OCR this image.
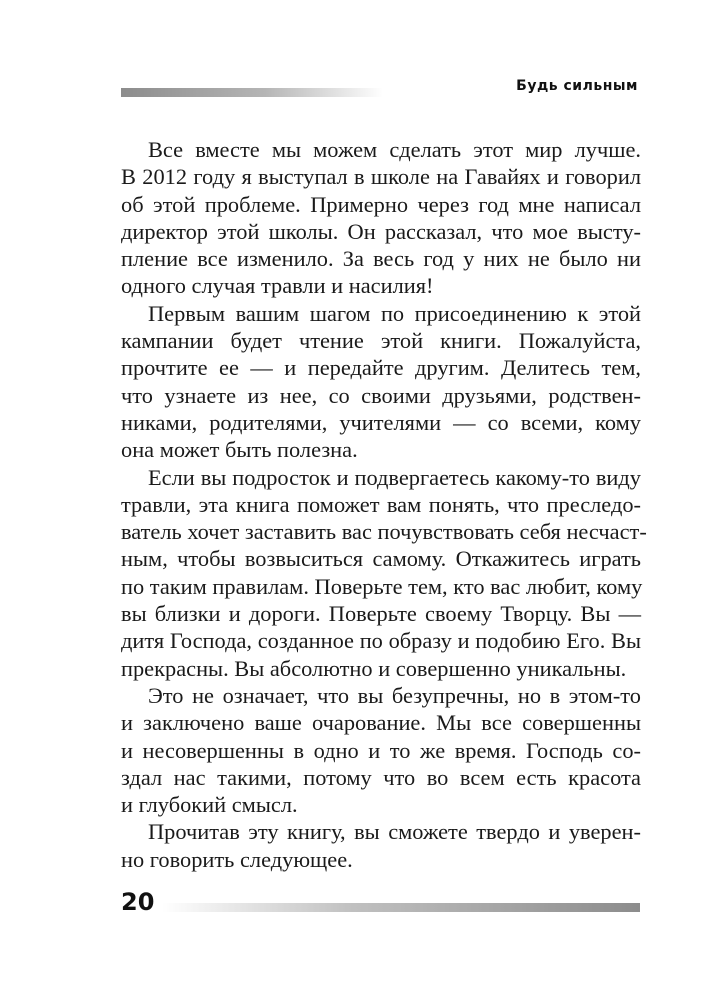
Будь сильным

Все вместе мы можем сделать этот мир лучше.
В 2012 году я выступал в школе на Гавайях и говорил
об этой проблеме. Примерно через год мне написал
директор этой школы. Он рассказал, что мое высту-
пление все изменило. За весь год у них не было ни
одного случая травли и насилия!

Первым вашим шагом по присоединению к этой
кампании будет чтение этой книги. Пожалуйста,
прочтите ее — и передайте другим. Делитесь тем,
что узнаете из нее, со своими друзьями, родствен-
никами, родителями, учителями — со всеми, кому
она может быть полезна.

Если вы подросток и подвергаетесь какому-то виду
травли, эта книга поможет вам понять, что преследо-
ватель хочет заставить вас почувствовать себя несчаст-
ным, чтобы возвыситься самому. Откажитесь играть
по таким правилам. Поверьте тем, кто вас любит, кому
вы близки и дороги. Поверьте своему Творцу. Вы —
дитя Господа, созданное по образу и подобию Его. Вы
прекрасны. Вы абсолютно и совершенно уникальны.

Это не означает, что вы безупречны, но в этом-то
и заключено ваше очарование. Мы все совершенны
и несовершенны в одно и то же время. Господь со-
здал нас такими, потому что во всем есть красота
и глубокий смысл.

Прочитав эту книгу, вы сможете твердо и уверен-
но говорить следующее.

20
